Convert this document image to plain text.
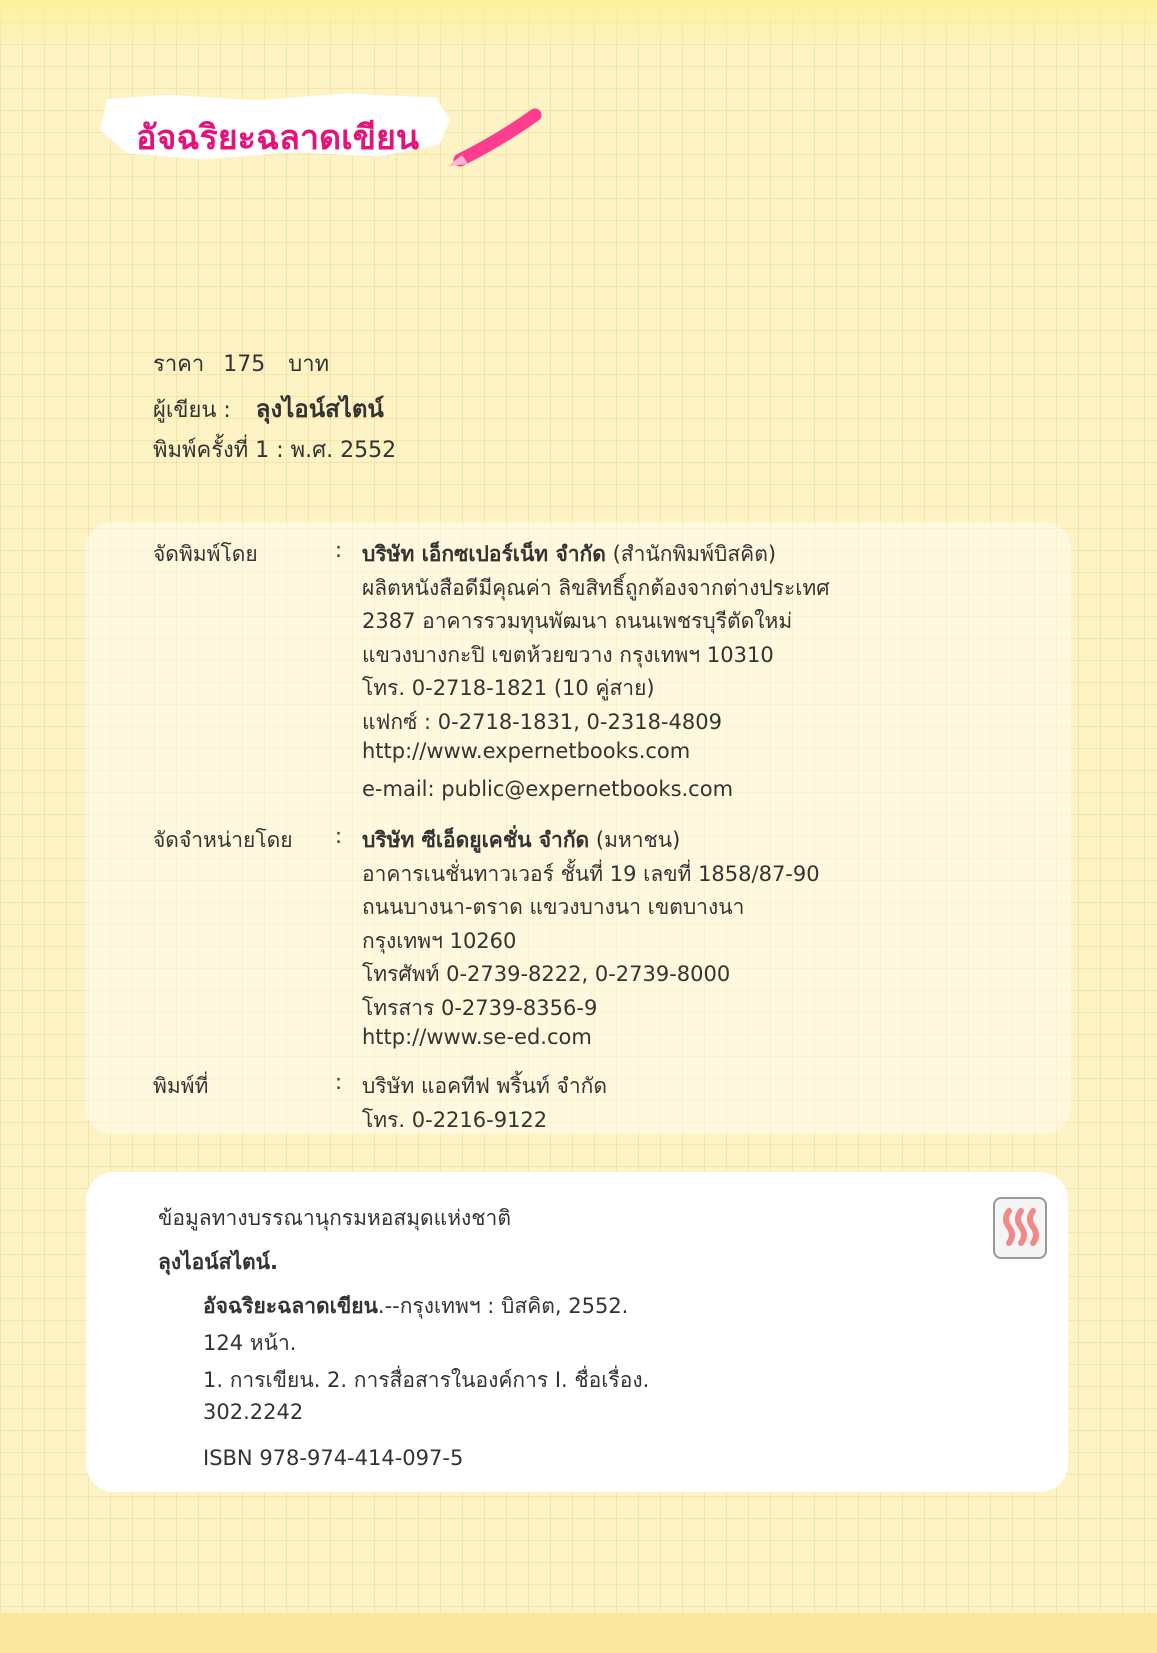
อัจฉริยะฉลาดเขียน
ราคา 175 บาท
ผู้เขียน : ลุงไอน์สไตน์
พิมพ์ครั้งที่ 1 : พ.ศ. 2552
จัดพิมพ์โดย	: บริษัท เอ็กซเปอร์เน็ท จำกัด (สำนักพิมพ์บิสคิต)
ผลิตหนังสือดีมีคุณค่า ลิขสิทธิ์ถูกต้องจากต่างประเทศ
2387 อาคารรวมทุนพัฒนา ถนนเพชรบุรีตัดใหม่
แขวงบางกะปิ เขตห้วยขวาง กรุงเทพฯ 10310
โทร. 0-2718-1821 (10 คู่สาย)
แฟกซ์ : 0-2718-1831, 0-2318-4809
http://www.expernetbooks.com
e-mail: public@expernetbooks.com
จัดจำหน่ายโดย	: บริษัท ซีเอ็ดยูเคชั่น จำกัด (มหาชน)
อาคารเนชั่นทาวเวอร์ ชั้นที่ 19 เลขที่ 1858/87-90
ถนนบางนา-ตราด แขวงบางนา เขตบางนา
กรุงเทพฯ 10260
โทรศัพท์ 0-2739-8222, 0-2739-8000
โทรสาร 0-2739-8356-9
http://www.se-ed.com
พิมพ์ที่	: บริษัท แอคทีฟ พริ้นท์ จำกัด
โทร. 0-2216-9122
ข้อมูลทางบรรณานุกรมหอสมุดแห่งชาติ
ลุงไอน์สไตน์.
อัจฉริยะฉลาดเขียน.--กรุงเทพฯ : บิสคิต, 2552.
124 หน้า.
1. การเขียน. 2. การสื่อสารในองค์การ I. ชื่อเรื่อง.
302.2242
ISBN 978-974-414-097-5
